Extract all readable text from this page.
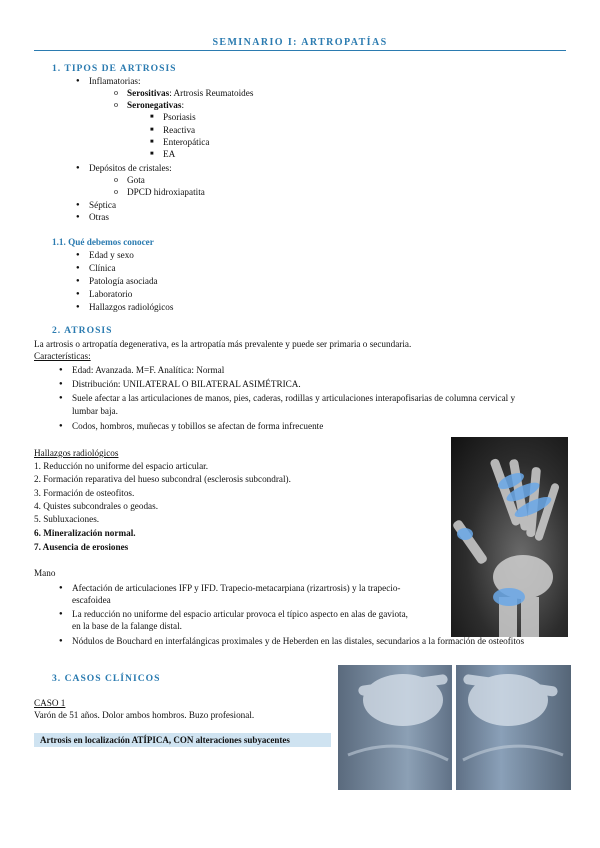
SEMINARIO I: ARTROPATÍAS
1. TIPOS DE ARTROSIS
● Inflamatorias:
o Serositivas: Artrosis Reumatoides
o Seronegativas:
■ Psoriasis
■ Reactiva
■ Enteropática
■ EA
● Depósitos de cristales:
o Gota
o DPCD hidroxiapatita
● Séptica
● Otras
1.1. Qué debemos conocer
● Edad y sexo
● Clínica
● Patología asociada
● Laboratorio
● Hallazgos radiológicos
2. ATROSIS
La artrosis o artropatía degenerativa, es la artropatía más prevalente y puede ser primaria o secundaria.
Características:
● Edad: Avanzada. M=F. Analítica: Normal
● Distribución: UNILATERAL O BILATERAL ASIMÉTRICA.
● Suele afectar a las articulaciones de manos, pies, caderas, rodillas y articulaciones interapofisarias de columna cervical y
lumbar baja.
● Codos, hombros, muñecas y tobillos se afectan de forma infrecuente
Hallazgos radiológicos
1. Reducción no uniforme del espacio articular.
2. Formación reparativa del hueso subcondral (esclerosis subcondral).
3. Formación de osteofitos.
4. Quistes subcondrales o geodas.
5. Subluxaciones.
6. Mineralización normal.
7. Ausencia de erosiones
Mano
● Afectación de articulaciones IFP y IFD. Trapecio-metacarpiana (rizartrosis) y la trapecio-
escafoidea
● La reducción no uniforme del espacio articular provoca el típico aspecto en alas de gaviota,
en la base de la falange distal.
● Nódulos de Bouchard en interfalángicas proximales y de Heberden en las distales, secundarios a la formación de osteofitos
3. CASOS CLÍNICOS
CASO 1
Varón de 51 años. Dolor ambos hombros. Buzo profesional.
Artrosis en localización ATÍPICA, CON alteraciones subyacentes
